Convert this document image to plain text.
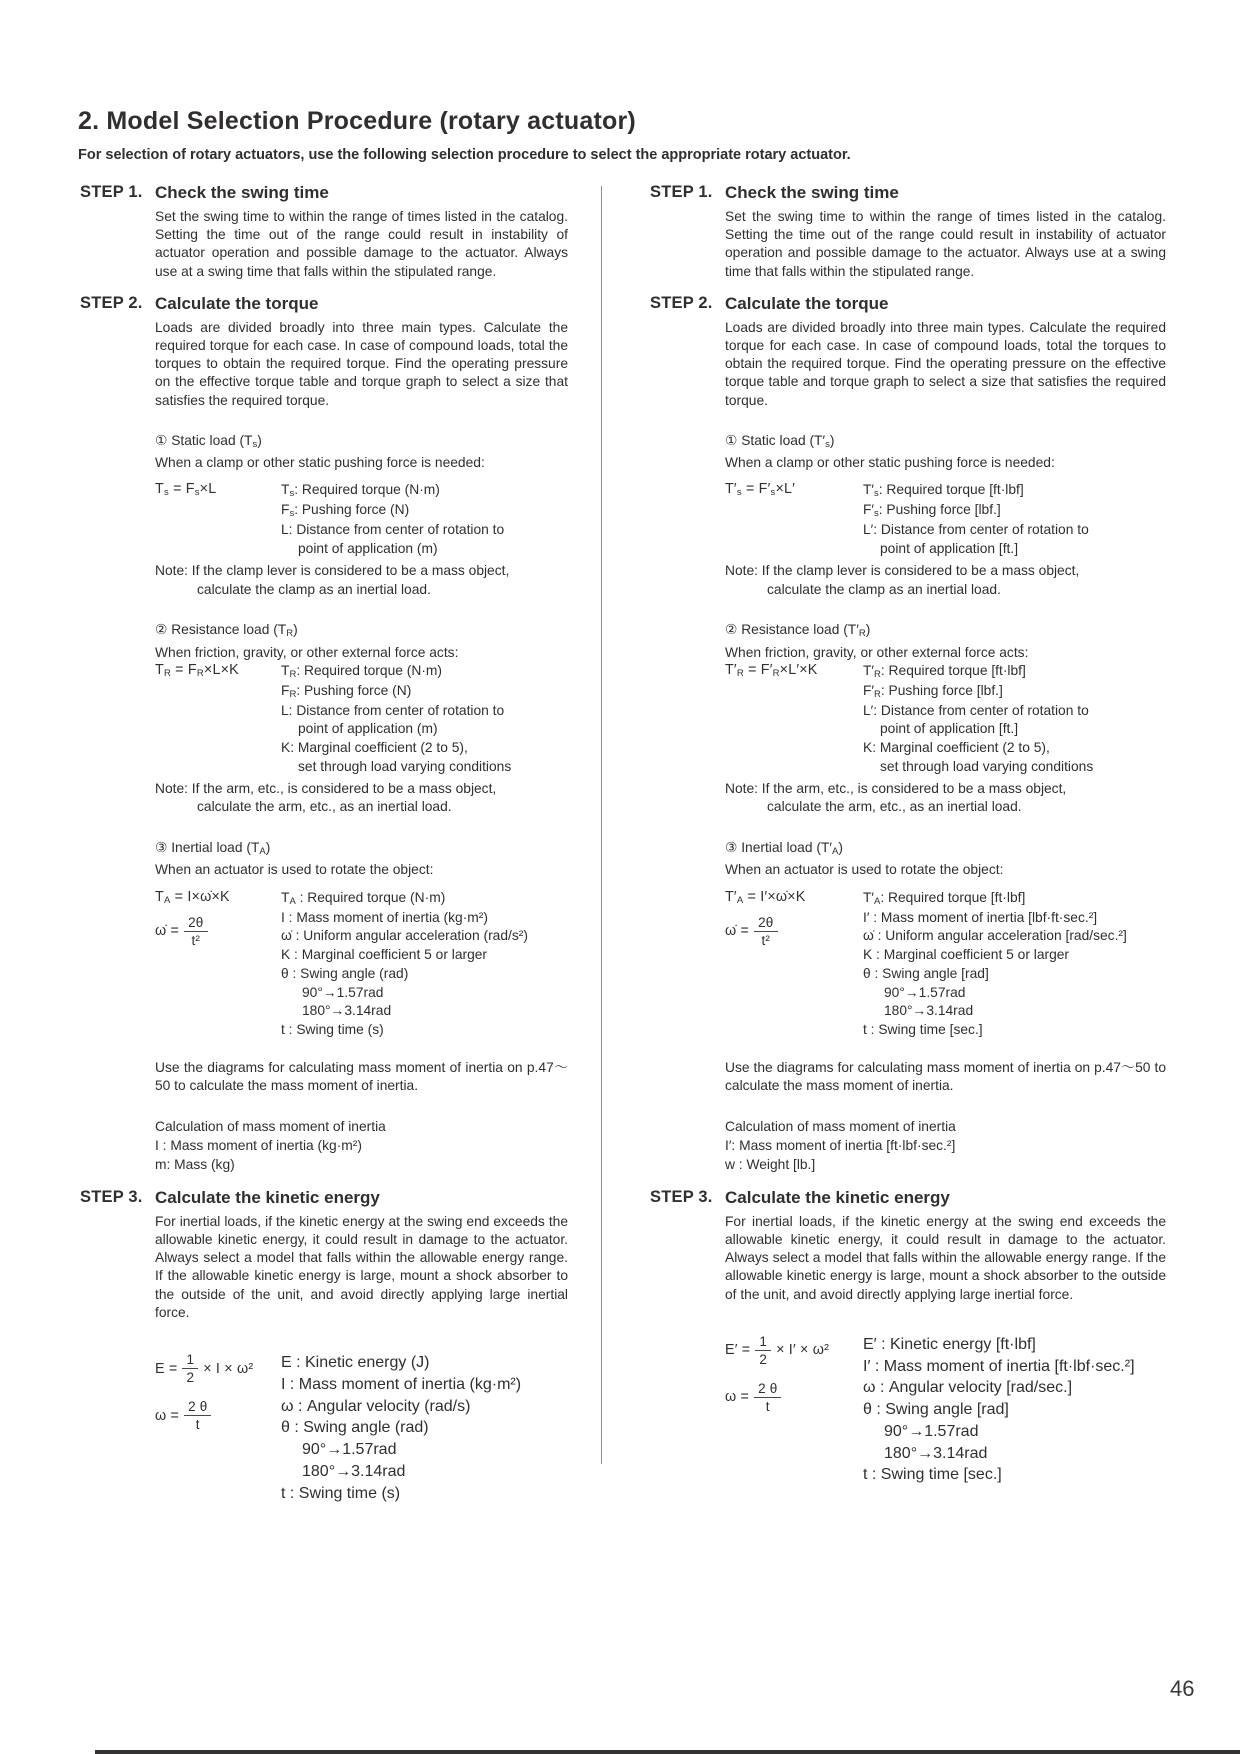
2. Model Selection Procedure (rotary actuator)
For selection of rotary actuators, use the following selection procedure to select the appropriate rotary actuator.
STEP 1. Check the swing time

Set the swing time to within the range of times listed in the catalog. Setting the time out of the range could result in instability of actuator operation and possible damage to the actuator. Always use at a swing time that falls within the stipulated range.

STEP 2. Calculate the torque

Loads are divided broadly into three main types. Calculate the required torque for each case. In case of compound loads, total the torques to obtain the required torque. Find the operating pressure on the effective torque table and torque graph to select a size that satisfies the required torque.

① Static load $(T_s)$
When a clamp or other static pushing force is needed:
$T_s = F_s\times L$	$T_s$: Required torque (N·m)
$F_s$: Pushing force (N)
L: Distance from center of rotation to
point of application (m)
Note: If the clamp lever is considered to be a mass object,
calculate the clamp as an inertial load.
② Resistance load $(T_R)$
When friction, gravity, or other external force acts:
$T_R = F_R\times L\times K$	$T_R$: Required torque (N·m)
$F_R$: Pushing force (N)
L: Distance from center of rotation to
point of application (m)
K: Marginal coefficient (2 to 5),
set through load varying conditions
Note: If the arm, etc., is considered to be a mass object,
calculate the arm, etc., as an inertial load.
③ Inertial load $(T_A)$
When an actuator is used to rotate the object:
$T_A$ = I×ω̇×K
ω̇ = $\frac{2\theta}{\text{t²}}$
$T_A$ : Required torque (N·m)
I : Mass moment of inertia (kg·m²)
ω̇ : Uniform angular acceleration (rad/s²)
K : Marginal coefficient 5 or larger
θ : Swing angle (rad)
90°→1.57rad
180°→3.14rad
t : Swing time (s)

Use the diagrams for calculating mass moment of inertia on p.47～50 to calculate the mass moment of inertia.

Calculation of mass moment of inertia
I : Mass moment of inertia (kg·m²)
m: Mass (kg)
STEP 3. Calculate the kinetic energy

For inertial loads, if the kinetic energy at the swing end exceeds the allowable kinetic energy, it could result in damage to the actuator. Always select a model that falls within the allowable energy range. If the allowable kinetic energy is large, mount a shock absorber to the outside of the unit, and avoid directly applying large inertial force.

$E = \frac{1}{2} \times I \times \omega^2$
$\omega = \frac{2 \theta}{t}$
E : Kinetic energy (J)
I : Mass moment of inertia (kg·m²)
ω : Angular velocity (rad/s)
θ : Swing angle (rad)
90°→1.57rad
180°→3.14rad
t : Swing time (s)
STEP 1. Check the swing time

Set the swing time to within the range of times listed in the catalog. Setting the time out of the range could result in instability of actuator operation and possible damage to the actuator. Always use at a swing time that falls within the stipulated range.

STEP 2. Calculate the torque

Loads are divided broadly into three main types. Calculate the required torque for each case. In case of compound loads, total the torques to obtain the required torque. Find the operating pressure on the effective torque table and torque graph to select a size that satisfies the required torque.

① Static load $(T'_s)$
When a clamp or other static pushing force is needed:
$T'_s = F'_s\times L'$	$T'_s$: Required torque [ft·lbf]
$F'_s$: Pushing force [lbf.]
L′: Distance from center of rotation to
point of application [ft.]
Note: If the clamp lever is considered to be a mass object,
calculate the clamp as an inertial load.
② Resistance load $(T'_R)$
When friction, gravity, or other external force acts:
$T'_R = F'_R\times L'\times K$	$T'_R$: Required torque [ft·lbf]
$F'_R$: Pushing force [lbf.]
L′: Distance from center of rotation to
point of application [ft.]
K: Marginal coefficient (2 to 5),
set through load varying conditions
Note: If the arm, etc., is considered to be a mass object,
calculate the arm, etc., as an inertial load.
③ Inertial load $(T'_A)$
When an actuator is used to rotate the object:
$T'_A$ = I′×ω̇×K
ω̇ = $\frac{2\theta}{\text{t²}}$
$T'_A$: Required torque [ft·lbf]
I′ : Mass moment of inertia [lbf·ft·sec.²]
ω̇ : Uniform angular acceleration [rad/sec.²]
K : Marginal coefficient 5 or larger
θ : Swing angle [rad]
90°→1.57rad
180°→3.14rad
t : Swing time [sec.]

Use the diagrams for calculating mass moment of inertia on p.47～50 to calculate the mass moment of inertia.

Calculation of mass moment of inertia
I′: Mass moment of inertia [ft·lbf·sec.²]
w : Weight [lb.]
STEP 3. Calculate the kinetic energy

For inertial loads, if the kinetic energy at the swing end exceeds the allowable kinetic energy, it could result in damage to the actuator. Always select a model that falls within the allowable energy range. If the allowable kinetic energy is large, mount a shock absorber to the outside of the unit, and avoid directly applying large inertial force.

$E' = \frac{1}{2} \times I' \times \omega^2$
$\omega = \frac{2 \theta}{t}$
E′ : Kinetic energy [ft·lbf]
I′ : Mass moment of inertia [ft·lbf·sec.²]
ω : Angular velocity [rad/sec.]
θ : Swing angle [rad]
90°→1.57rad
180°→3.14rad
t : Swing time [sec.]
46
